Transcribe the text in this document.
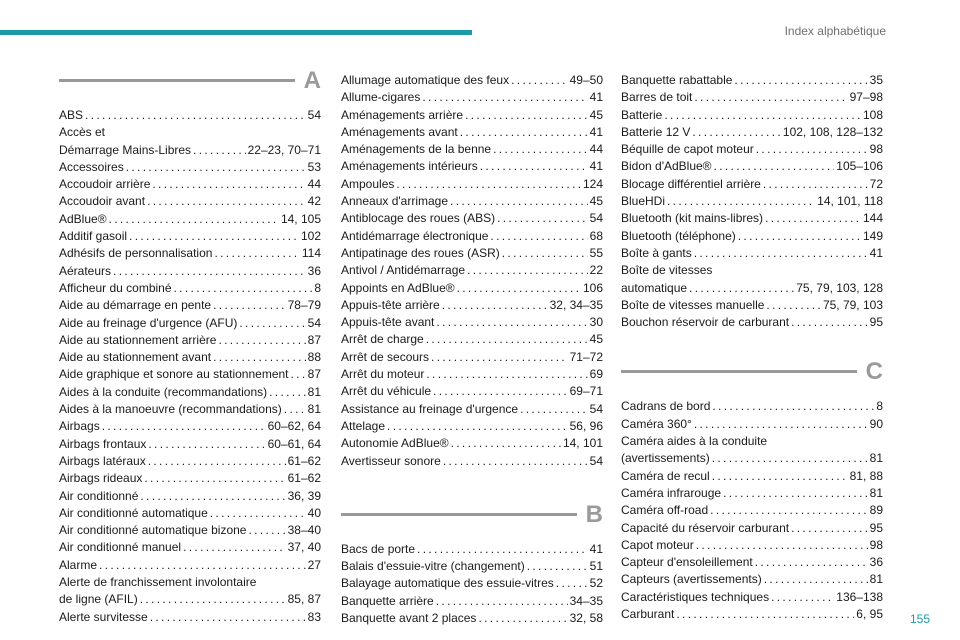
Index alphabétique
A
ABS . . .	54
Accès et
Démarrage Mains-Libres . . .	22–23, 70–71
Accessoires . . .	53
Accoudoir arrière . . .	44
Accoudoir avant . . .	42
AdBlue® . . .	14, 105
Additif gasoil . . .	102
Adhésifs de personnalisation . . .	114
Aérateurs . . .	36
Afficheur du combiné . . .	8
Aide au démarrage en pente . . .	78–79
Aide au freinage d'urgence (AFU) . . .	54
Aide au stationnement arrière . . .	87
Aide au stationnement avant . . .	88
Aide graphique et sonore au stationnement . . . 87
Aides à la conduite (recommandations) . . .	81
Aides à la manoeuvre (recommandations) . . . 81
Airbags . . .	60–62, 64
Airbags frontaux . . .	60–61, 64
Airbags latéraux . . .	61–62
Airbags rideaux . . .	61–62
Air conditionné . . .	36, 39
Air conditionné automatique . . .	40
Air conditionné automatique bizone . . .	38–40
Air conditionné manuel . . .	37, 40
Alarme . . .	27
Alerte de franchissement involontaire
de ligne (AFIL) . . .	85, 87
Alerte survitesse . . .	83
Allumage automatique des feux . . .	49–50
Allume-cigares . . .	41
Aménagements arrière . . .	45
Aménagements avant . . .	41
Aménagements de la benne . . .	44
Aménagements intérieurs . . .	41
Ampoules . . .	124
Anneaux d'arrimage . . .	45
Antiblocage des roues (ABS) . . .	54
Antidémarrage électronique . . .	68
Antipatinage des roues (ASR) . . .	55
Antivol / Antidémarrage . . .	22
Appoints en AdBlue® . . .	106
Appuis-tête arrière . . .	32, 34–35
Appuis-tête avant . . .	30
Arrêt de charge . . .	45
Arrêt de secours . . .	71–72
Arrêt du moteur . . .	69
Arrêt du véhicule . . .	69–71
Assistance au freinage d'urgence . . .	54
Attelage . . .	56, 96
Autonomie AdBlue® . . .	14, 101
Avertisseur sonore . . .	54
B
Bacs de porte . . .	41
Balais d'essuie-vitre (changement) . . .	51
Balayage automatique des essuie-vitres . . .	52
Banquette arrière . . .	34–35
Banquette avant 2 places . . .	32, 58
Banquette rabattable . . .	35
Barres de toit . . .	97–98
Batterie . . .	108
Batterie 12 V . . .	102, 108, 128–132
Béquille de capot moteur . . .	98
Bidon d'AdBlue® . . .	105–106
Blocage différentiel arrière . . .	72
BlueHDi . . .	14, 101, 118
Bluetooth (kit mains-libres) . . .	144
Bluetooth (téléphone) . . .	149
Boîte à gants . . .	41
Boîte de vitesses
automatique . . .	75, 79, 103, 128
Boîte de vitesses manuelle . . .	75, 79, 103
Bouchon réservoir de carburant . . .	95
C
Cadrans de bord . . .	8
Caméra 360° . . .	90
Caméra aides à la conduite
(avertissements) . . .	81
Caméra de recul . . .	81, 88
Caméra infrarouge . . .	81
Caméra off-road . . .	89
Capacité du réservoir carburant . . .	95
Capot moteur . . .	98
Capteur d'ensoleillement . . .	36
Capteurs (avertissements) . . .	81
Caractéristiques techniques . . .	136–138
Carburant . . .	6, 95 155
